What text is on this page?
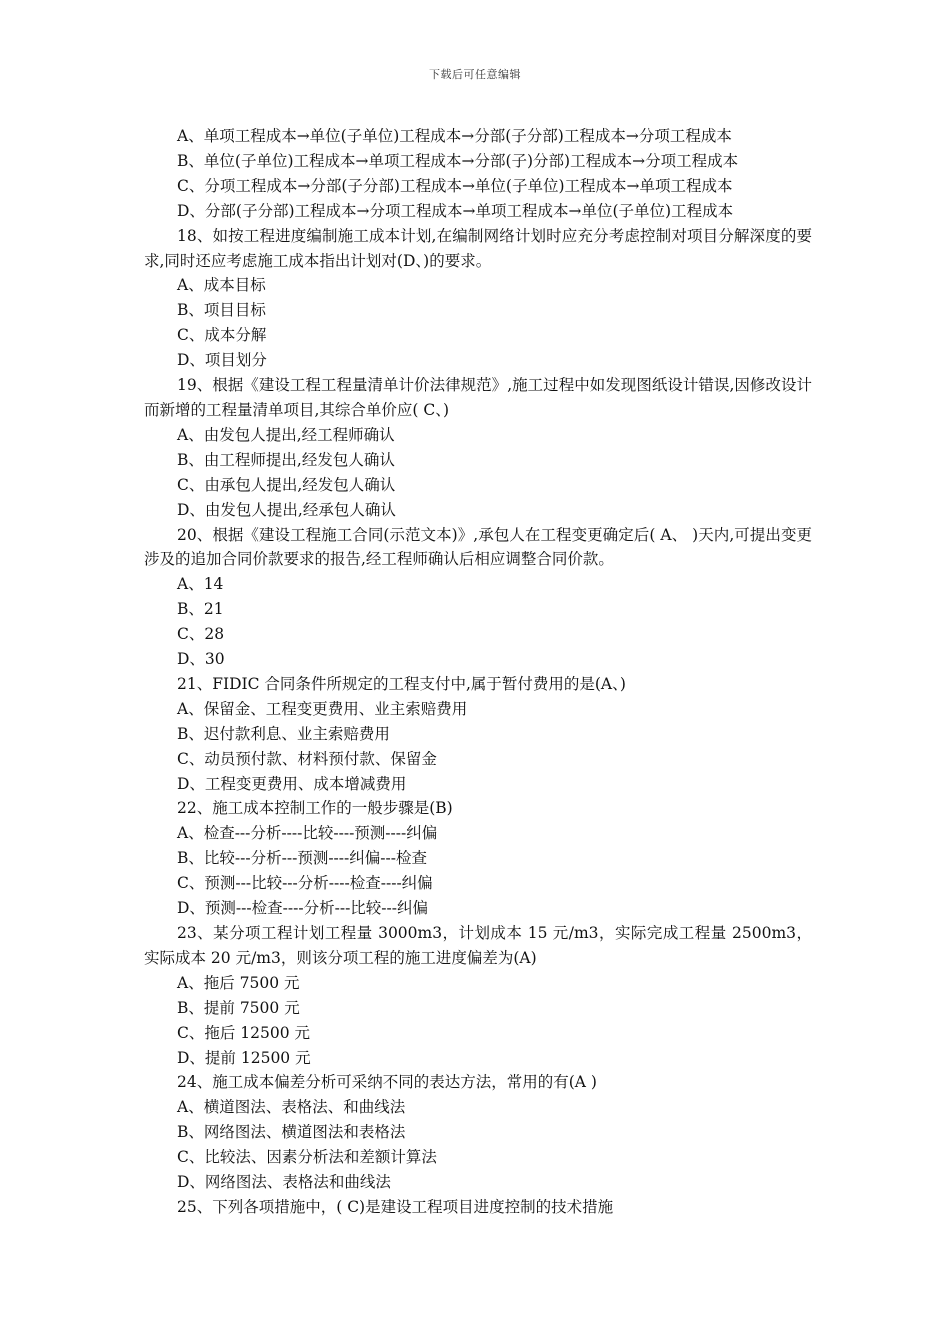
下载后可任意编辑

A、单项工程成本→单位(子单位)工程成本→分部(子分部)工程成本→分项工程成本

B、单位(子单位)工程成本→单项工程成本→分部(子)分部)工程成本→分项工程成本

C、分项工程成本→分部(子分部)工程成本→单位(子单位)工程成本→单项工程成本

D、分部(子分部)工程成本→分项工程成本→单项工程成本→单位(子单位)工程成本

18、如按工程进度编制施工成本计划,在编制网络计划时应充分考虑控制对项目分解深度的要求,同时还应考虑施工成本指出计划对(D、)的要求。

A、成本目标

B、项目目标

C、成本分解

D、项目划分

19、根据《建设工程工程量清单计价法律规范》,施工过程中如发现图纸设计错误,因修改设计而新增的工程量清单项目,其综合单价应( C、)

A、由发包人提出,经工程师确认

B、由工程师提出,经发包人确认

C、由承包人提出,经发包人确认

D、由发包人提出,经承包人确认

20、根据《建设工程施工合同(示范文本)》,承包人在工程变更确定后( A、 )天内,可提出变更涉及的追加合同价款要求的报告,经工程师确认后相应调整合同价款。

A、14

B、21

C、28

D、30

21、FIDIC 合同条件所规定的工程支付中,属于暂付费用的是(A、)

A、保留金、工程变更费用、业主索赔费用

B、迟付款利息、业主索赔费用

C、动员预付款、材料预付款、保留金

D、工程变更费用、成本增减费用

22、施工成本控制工作的一般步骤是(B)

A、检查---分析----比较----预测----纠偏

B、比较---分析---预测----纠偏---检查

C、预测---比较---分析----检查----纠偏

D、预测---检查----分析---比较---纠偏

23、某分项工程计划工程量 3000m3，计划成本 15 元/m3，实际完成工程量 2500m3，实际成本 20 元/m3，则该分项工程的施工进度偏差为(A)

A、拖后 7500 元

B、提前 7500 元

C、拖后 12500 元

D、提前 12500 元

24、施工成本偏差分析可采纳不同的表达方法，常用的有(A )

A、横道图法、表格法、和曲线法

B、网络图法、横道图法和表格法

C、比较法、因素分析法和差额计算法

D、网络图法、表格法和曲线法

25、下列各项措施中，( C)是建设工程项目进度控制的技术措施
